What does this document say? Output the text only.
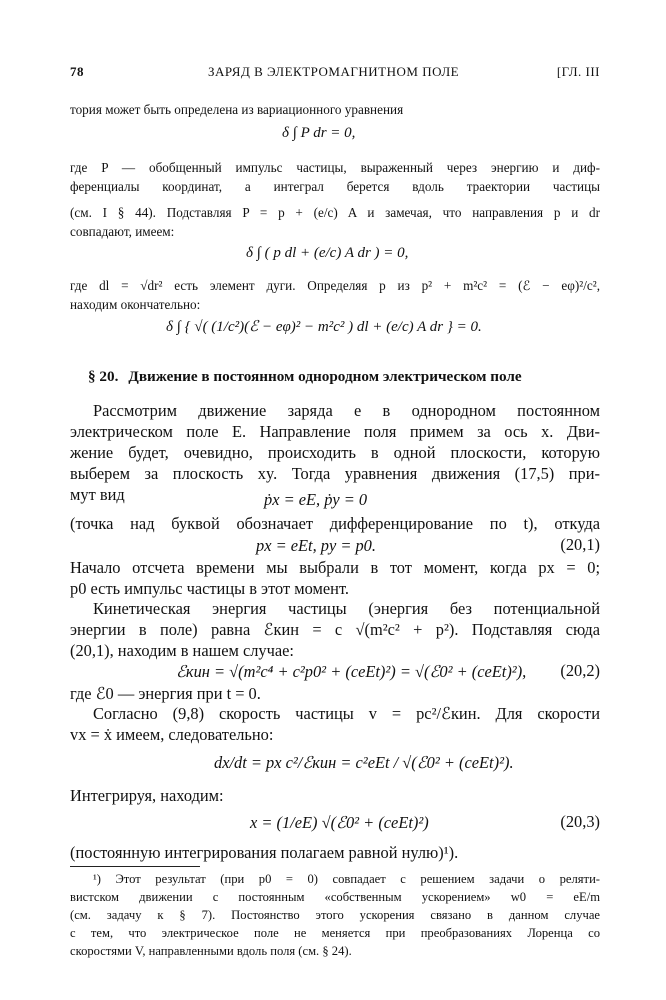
78	ЗАРЯД В ЭЛЕКТРОМАГНИТНОМ ПОЛЕ	[ГЛ. III
тория может быть определена из вариационного уравнения
δ ∫ P dr = 0,
где P — обобщенный импульс частицы, выраженный через энергию и диф-
ференциалы координат, а интеграл берется вдоль траектории частицы
(см. I § 44). Подставляя P = p + (e/c) A и замечая, что направления p и dr
совпадают, имеем:
δ ∫ ( p dl + (e/c) A dr ) = 0,
где dl = √dr² есть элемент дуги. Определяя p из p² + m²c² = (ℰ − eφ)²/c²,
находим окончательно:
δ ∫ { √( (1/c²)(ℰ − eφ)² − m²c² ) dl + (e/c) A dr } = 0.
§ 20. Движение в постоянном однородном электрическом поле
Рассмотрим движение заряда e в однородном постоянном
электрическом поле E. Направление поля примем за ось x. Дви-
жение будет, очевидно, происходить в одной плоскости, которую
выберем за плоскость xy. Тогда уравнения движения (17,5) при-
мут вид	ṗx = eE, ṗy = 0
(точка над буквой обозначает дифференцирование по t), откуда
px = eEt, py = p0.	(20,1)
Начало отсчета времени мы выбрали в тот момент, когда px = 0;
p0 есть импульс частицы в этот момент.
Кинетическая энергия частицы (энергия без потенциальной
энергии в поле) равна ℰкин = c √(m²c² + p²). Подставляя сюда
(20,1), находим в нашем случае:
ℰкин = √(m²c⁴ + c²p0² + (ceEt)²) = √(ℰ0² + (ceEt)²), (20,2)
где ℰ0 — энергия при t = 0.
Согласно (9,8) скорость частицы v = pc²/ℰкин. Для скорости
vx = ẋ имеем, следовательно:
dx/dt = px c²/ℰкин = c²eEt / √(ℰ0² + (ceEt)²).
Интегрируя, находим:
x = (1/eE) √(ℰ0² + (ceEt)²)	(20,3)
(постоянную интегрирования полагаем равной нулю)¹).
¹) Этот результат (при p0 = 0) совпадает с решением задачи о реляти-
вистском движении с постоянным «собственным ускорением» w0 = eE/m
(см. задачу к § 7). Постоянство этого ускорения связано в данном случае
с тем, что электрическое поле не меняется при преобразованиях Лоренца со
скоростями V, направленными вдоль поля (см. § 24).
